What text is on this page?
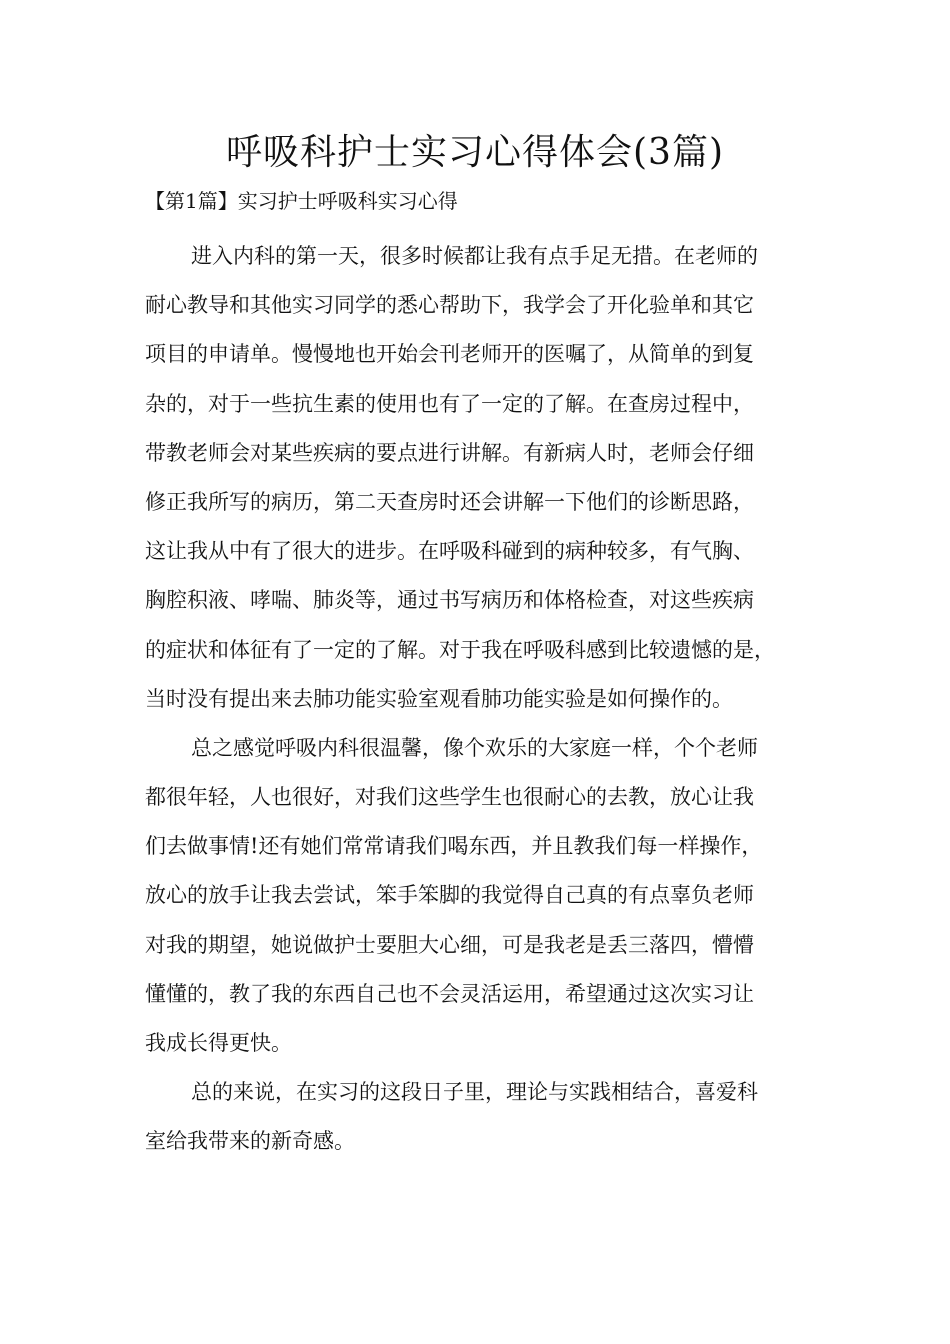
呼吸科护士实习心得体会(3篇)
【第1篇】实习护士呼吸科实习心得

进入内科的第一天，很多时候都让我有点手足无措。在老师的
耐心教导和其他实习同学的悉心帮助下，我学会了开化验单和其它
项目的申请单。慢慢地也开始会刊老师开的医嘱了，从简单的到复
杂的，对于一些抗生素的使用也有了一定的了解。在查房过程中，
带教老师会对某些疾病的要点进行讲解。有新病人时，老师会仔细
修正我所写的病历，第二天查房时还会讲解一下他们的诊断思路，
这让我从中有了很大的进步。在呼吸科碰到的病种较多，有气胸、
胸腔积液、哮喘、肺炎等，通过书写病历和体格检查，对这些疾病
的症状和体征有了一定的了解。对于我在呼吸科感到比较遗憾的是，
当时没有提出来去肺功能实验室观看肺功能实验是如何操作的。

总之感觉呼吸内科很温馨，像个欢乐的大家庭一样，个个老师
都很年轻，人也很好，对我们这些学生也很耐心的去教，放心让我
们去做事情!还有她们常常请我们喝东西，并且教我们每一样操作，
放心的放手让我去尝试，笨手笨脚的我觉得自己真的有点辜负老师
对我的期望，她说做护士要胆大心细，可是我老是丢三落四，懵懵
懂懂的，教了我的东西自己也不会灵活运用，希望通过这次实习让
我成长得更快。

总的来说，在实习的这段日子里，理论与实践相结合，喜爱科
室给我带来的新奇感。
